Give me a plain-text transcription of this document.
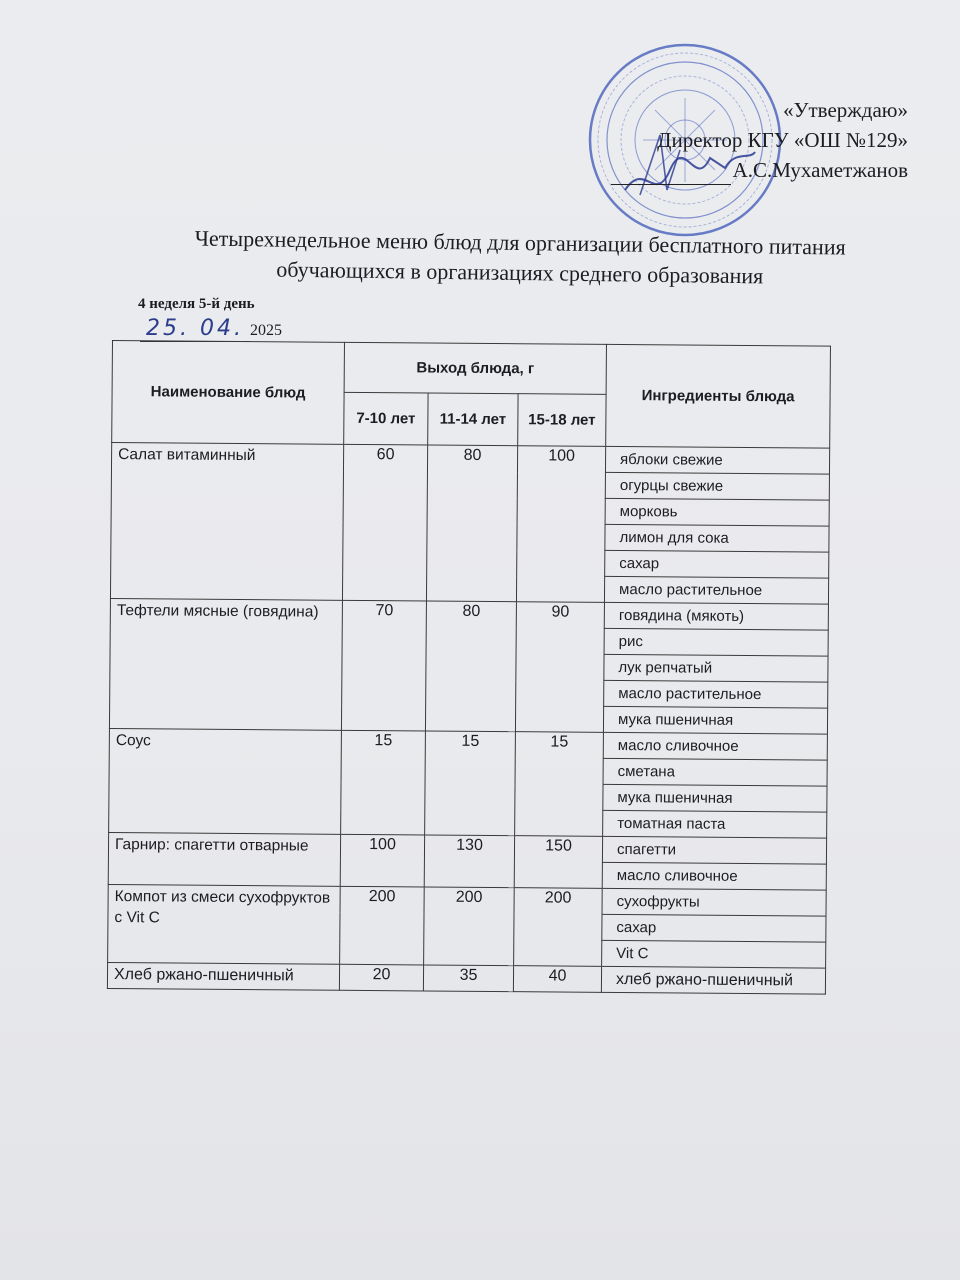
«Утверждаю»
Директор КГУ «ОШ №129»
А.С.Мухаметжанов
Четырехнедельное меню блюд для организации бесплатного питания
обучающихся в организациях среднего образования
4 неделя 5-й день
25. 04. 2025
Наименование блюд	Выход блюда, г			Ингредиенты блюда
	7-10 лет	11-14 лет	15-18 лет	
Салат витаминный	60	80	100	яблоки свежие
				огурцы свежие
				морковь
				лимон для сока
				сахар
				масло растительное
Тефтели мясные (говядина)	70	80	90	говядина (мякоть)
				рис
				лук репчатый
				масло растительное
				мука пшеничная
Соус	15	15	15	масло сливочное
				сметана
				мука пшеничная
				томатная паста
Гарнир: спагетти отварные	100	130	150	спагетти
				масло сливочное
Компот из смеси сухофруктов с Vit C	200	200	200	сухофрукты
				сахар
				Vit C
Хлеб ржано-пшеничный	20	35	40	хлеб ржано-пшеничный
